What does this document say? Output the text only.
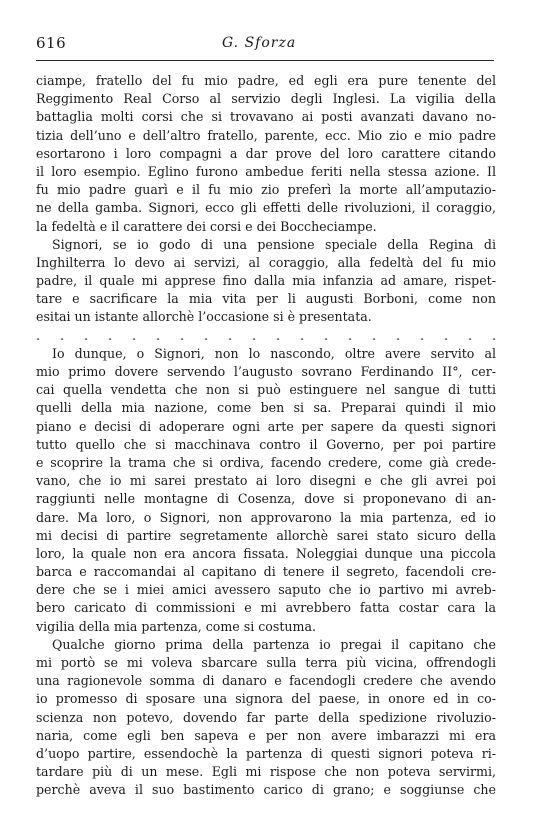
616	G. Sforza
ciampe, fratello del fu mio padre, ed egli era pure tenente del
Reggimento Real Corso al servizio degli Inglesi. La vigilia della
battaglia molti corsi che si trovavano ai posti avanzati davano no-
tizia dell’uno e dell’altro fratello, parente, ecc. Mio zio e mio padre
esortarono i loro compagni a dar prove del loro carattere citando
il loro esempio. Eglino furono ambedue feriti nella stessa azione. Il
fu mio padre guarì e il fu mio zio preferì la morte all’amputazio-
ne della gamba. Signori, ecco gli effetti delle rivoluzioni, il coraggio,
la fedeltà e il carattere dei corsi e dei Boccheciampe.
Signori, se io godo di una pensione speciale della Regina di
Inghilterra lo devo ai servizi, al coraggio, alla fedeltà del fu mio
padre, il quale mi apprese fino dalla mia infanzia ad amare, rispet-
tare e sacrificare la mia vita per li augusti Borboni, come non
esitai un istante allorchè l’occasione si è presentata.
. . . . . . . . . . . . . . . . . . . .
Io dunque, o Signori, non lo nascondo, oltre avere servito al
mio primo dovere servendo l’augusto sovrano Ferdinando II°, cer-
cai quella vendetta che non si può estinguere nel sangue di tutti
quelli della mia nazione, come ben si sa. Preparai quindi il mio
piano e decisi di adoperare ogni arte per sapere da questi signori
tutto quello che si macchinava contro il Governo, per poi partire
e scoprire la trama che si ordiva, facendo credere, come già crede-
vano, che io mi sarei prestato ai loro disegni e che gli avrei poi
raggiunti nelle montagne di Cosenza, dove si proponevano di an-
dare. Ma loro, o Signori, non approvarono la mia partenza, ed io
mi decisi di partire segretamente allorchè sarei stato sicuro della
loro, la quale non era ancora fissata. Noleggiai dunque una piccola
barca e raccomandai al capitano di tenere il segreto, facendoli cre-
dere che se i miei amici avessero saputo che io partivo mi avreb-
bero caricato di commissioni e mi avrebbero fatta costar cara la
vigilia della mia partenza, come si costuma.
Qualche giorno prima della partenza io pregai il capitano che
mi portò se mi voleva sbarcare sulla terra più vicina, offrendogli
una ragionevole somma di danaro e facendogli credere che avendo
io promesso di sposare una signora del paese, in onore ed in co-
scienza non potevo, dovendo far parte della spedizione rivoluzio-
naria, come egli ben sapeva e per non avere imbarazzi mi era
d’uopo partire, essendochè la partenza di questi signori poteva ri-
tardare più di un mese. Egli mi rispose che non poteva servirmi,
perchè aveva il suo bastimento carico di grano; e soggiunse che
